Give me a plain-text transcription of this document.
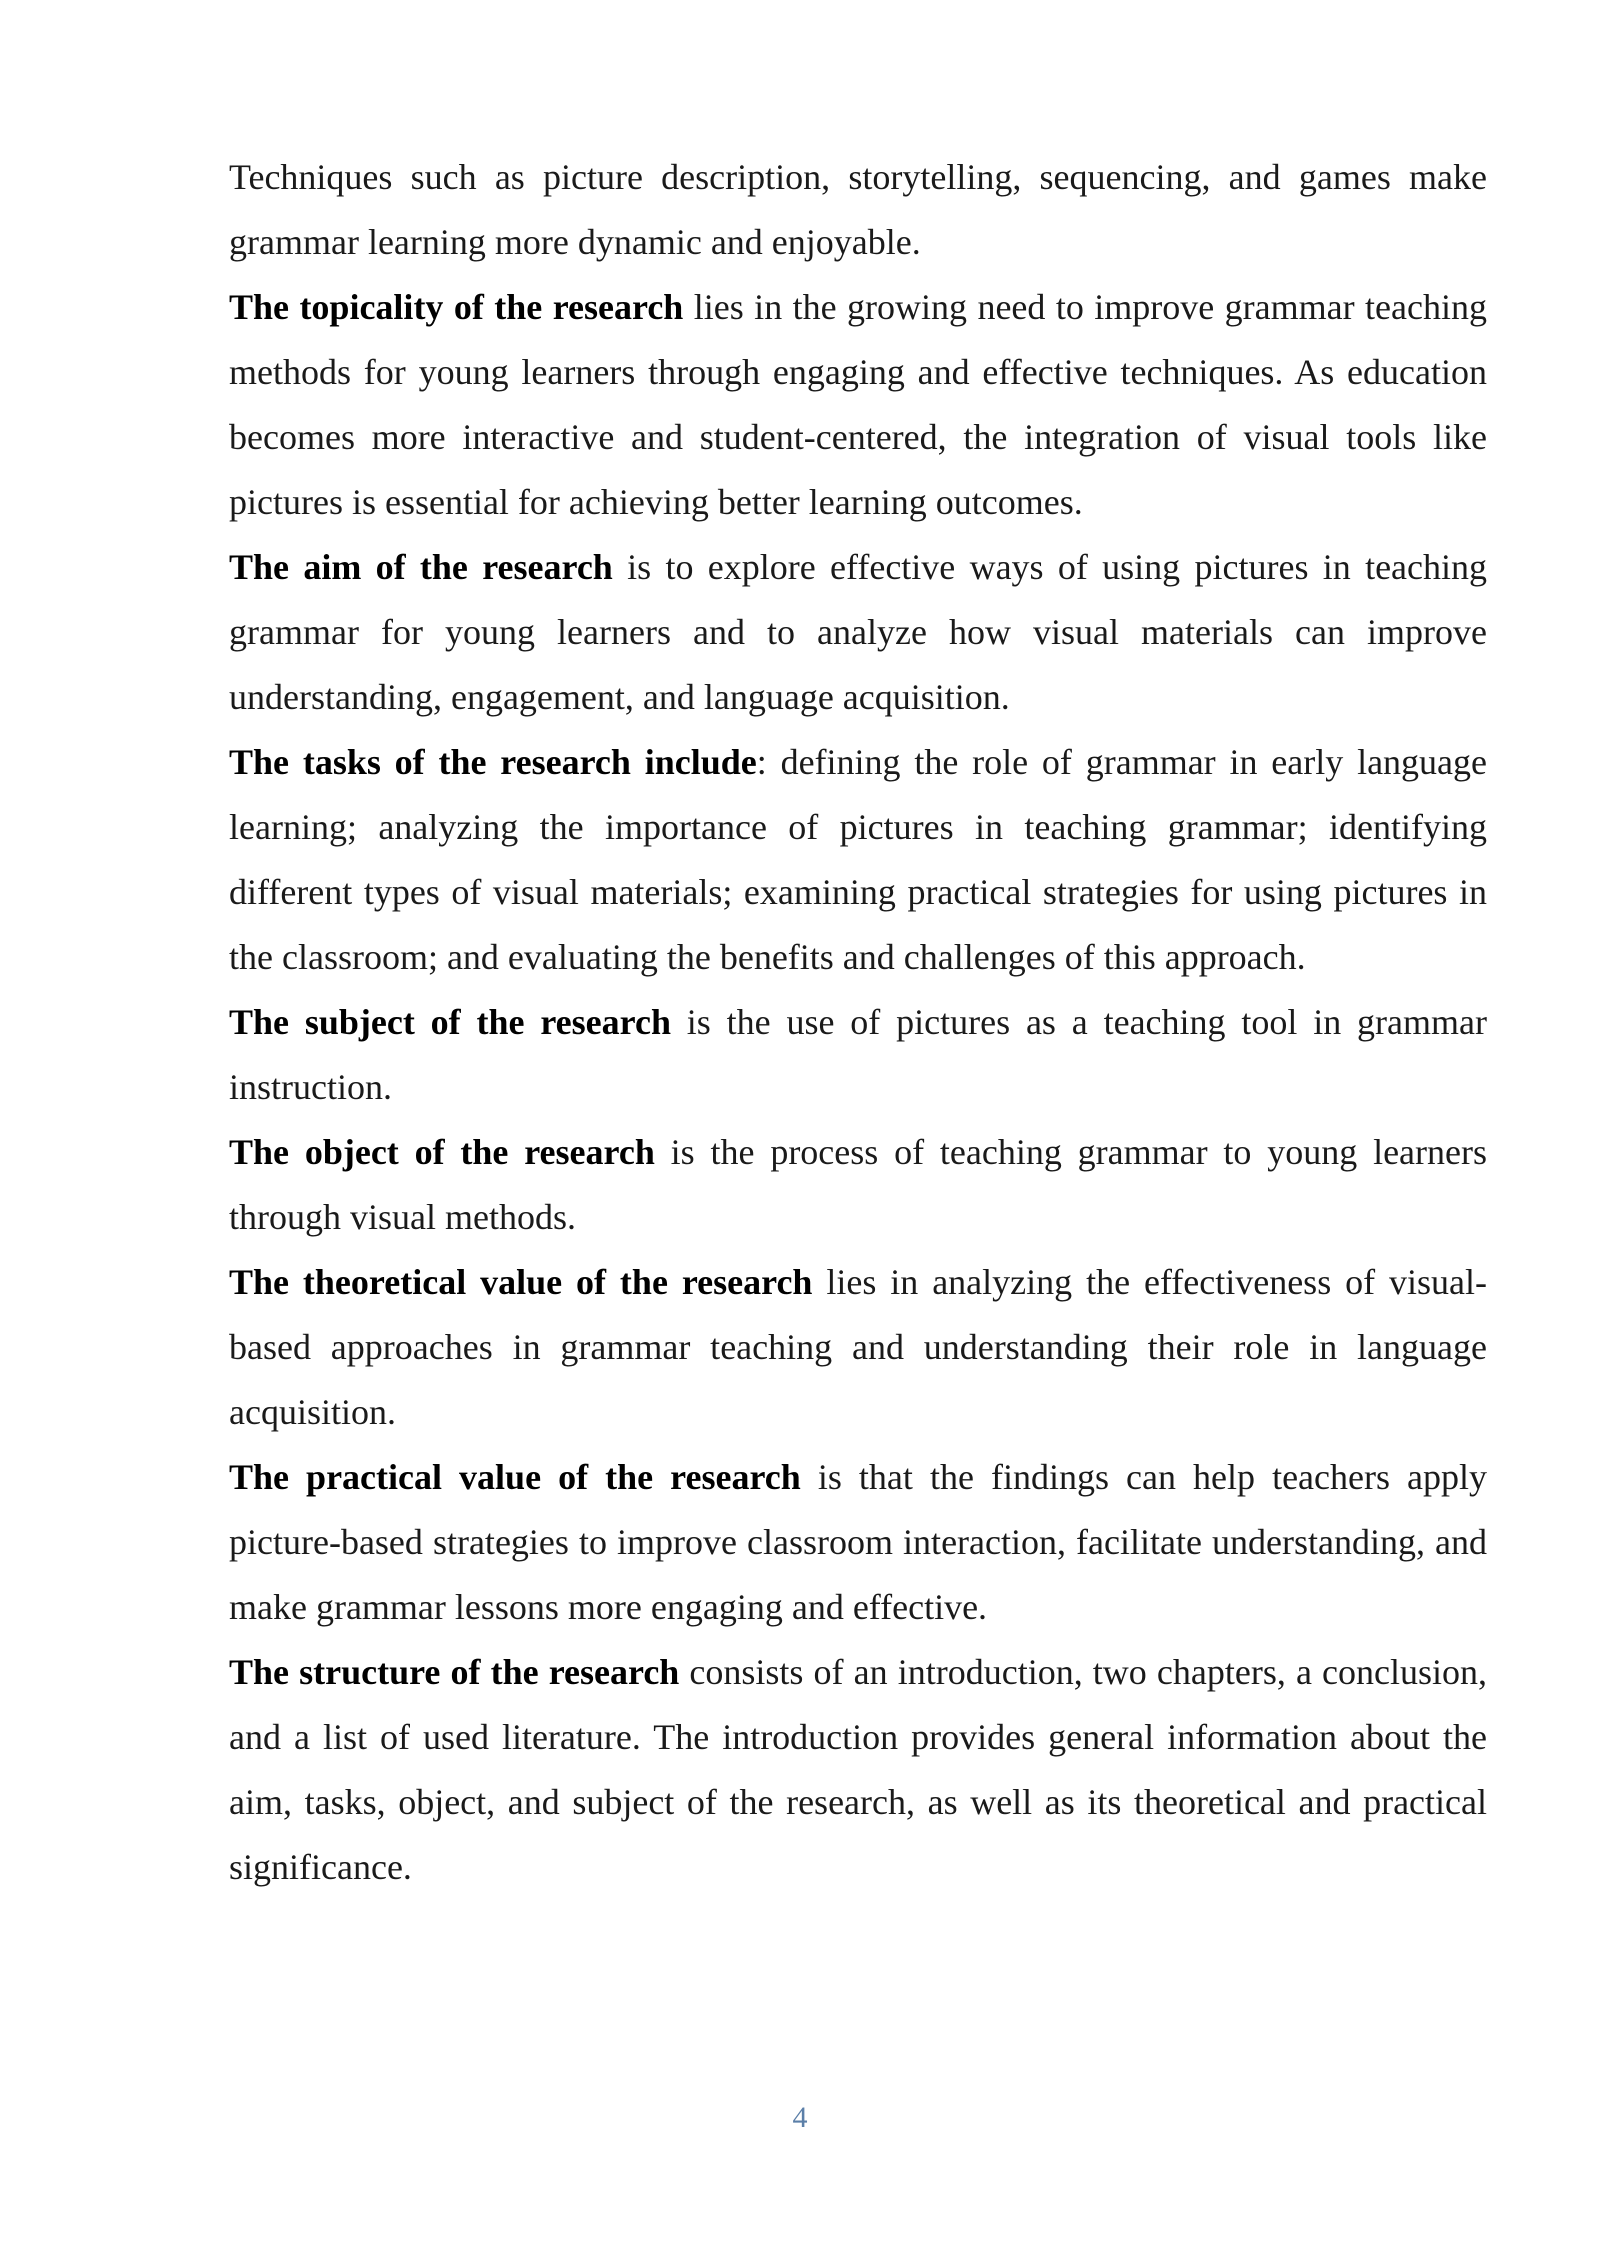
Techniques such as picture description, storytelling, sequencing, and games make grammar learning more dynamic and enjoyable.

The topicality of the research lies in the growing need to improve grammar teaching methods for young learners through engaging and effective techniques. As education becomes more interactive and student-centered, the integration of visual tools like pictures is essential for achieving better learning outcomes.

The aim of the research is to explore effective ways of using pictures in teaching grammar for young learners and to analyze how visual materials can improve understanding, engagement, and language acquisition.

The tasks of the research include: defining the role of grammar in early language learning; analyzing the importance of pictures in teaching grammar; identifying different types of visual materials; examining practical strategies for using pictures in the classroom; and evaluating the benefits and challenges of this approach.

The subject of the research is the use of pictures as a teaching tool in grammar instruction.

The object of the research is the process of teaching grammar to young learners through visual methods.

The theoretical value of the research lies in analyzing the effectiveness of visual-based approaches in grammar teaching and understanding their role in language acquisition.

The practical value of the research is that the findings can help teachers apply picture-based strategies to improve classroom interaction, facilitate understanding, and make grammar lessons more engaging and effective.

The structure of the research consists of an introduction, two chapters, a conclusion, and a list of used literature. The introduction provides general information about the aim, tasks, object, and subject of the research, as well as its theoretical and practical significance.

4
